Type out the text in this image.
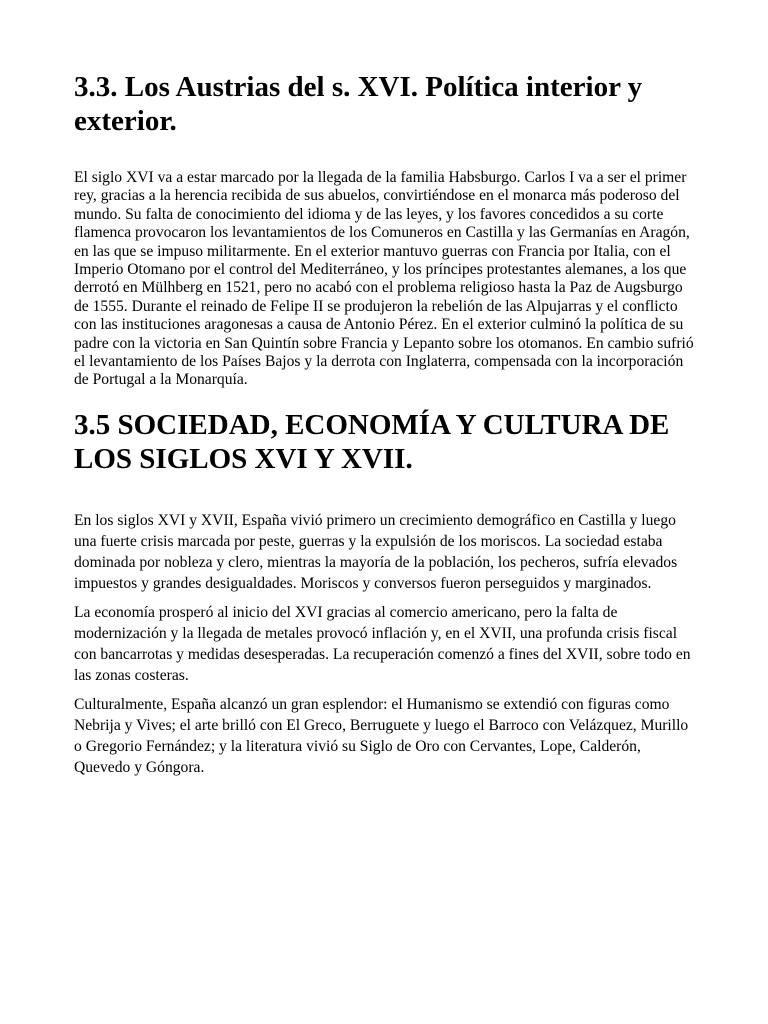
3.3. Los Austrias del s. XVI. Política interior y exterior.

El siglo XVI va a estar marcado por la llegada de la familia Habsburgo. Carlos I va a ser el primer rey, gracias a la herencia recibida de sus abuelos, convirtiéndose en el monarca más poderoso del mundo. Su falta de conocimiento del idioma y de las leyes, y los favores concedidos a su corte flamenca provocaron los levantamientos de los Comuneros en Castilla y las Germanías en Aragón, en las que se impuso militarmente. En el exterior mantuvo guerras con Francia por Italia, con el Imperio Otomano por el control del Mediterráneo, y los príncipes protestantes alemanes, a los que derrotó en Mülhberg en 1521, pero no acabó con el problema religioso hasta la Paz de Augsburgo de 1555. Durante el reinado de Felipe II se produjeron la rebelión de las Alpujarras y el conflicto con las instituciones aragonesas a causa de Antonio Pérez. En el exterior culminó la política de su padre con la victoria en San Quintín sobre Francia y Lepanto sobre los otomanos. En cambio sufrió el levantamiento de los Países Bajos y la derrota con Inglaterra, compensada con la incorporación de Portugal a la Monarquía.

3.5 SOCIEDAD, ECONOMÍA Y CULTURA DE LOS SIGLOS XVI Y XVII.

En los siglos XVI y XVII, España vivió primero un crecimiento demográfico en Castilla y luego una fuerte crisis marcada por peste, guerras y la expulsión de los moriscos. La sociedad estaba dominada por nobleza y clero, mientras la mayoría de la población, los pecheros, sufría elevados impuestos y grandes desigualdades. Moriscos y conversos fueron perseguidos y marginados.

La economía prosperó al inicio del XVI gracias al comercio americano, pero la falta de modernización y la llegada de metales provocó inflación y, en el XVII, una profunda crisis fiscal con bancarrotas y medidas desesperadas. La recuperación comenzó a fines del XVII, sobre todo en las zonas costeras.

Culturalmente, España alcanzó un gran esplendor: el Humanismo se extendió con figuras como Nebrija y Vives; el arte brilló con El Greco, Berruguete y luego el Barroco con Velázquez, Murillo o Gregorio Fernández; y la literatura vivió su Siglo de Oro con Cervantes, Lope, Calderón, Quevedo y Góngora.
